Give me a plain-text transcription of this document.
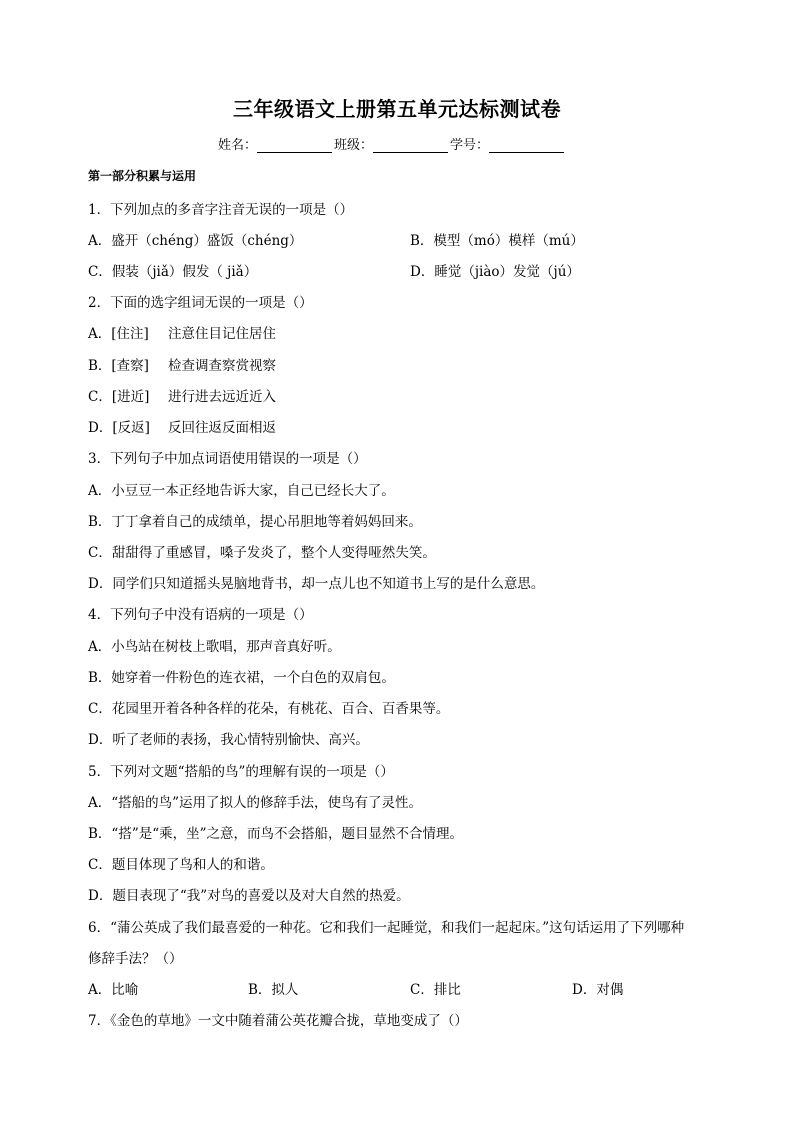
三年级语文上册第五单元达标测试卷
姓名：	班级：	学号：
第一部分积累与运用
1．下列加点的多音字注音无误的一项是（）
A．盛开（chéng）盛饭（chéng）	B．模型（mó）模样（mú）
C．假装（jiǎ）假发（ jiǎ）	D．睡觉（jiào）发觉（jú）
2．下面的选字组词无误的一项是（）
A．[住注] 注意住目记住居住
B．[查察] 检查调查察赏视察
C．[进近] 进行进去远近近入
D．[反返] 反回往返反面相返
3．下列句子中加点词语使用错误的一项是（）
A．小豆豆一本正经地告诉大家，自己已经长大了。
B．丁丁拿着自己的成绩单，提心吊胆地等着妈妈回来。
C．甜甜得了重感冒，嗓子发炎了，整个人变得哑然失笑。
D．同学们只知道摇头晃脑地背书，却一点儿也不知道书上写的是什么意思。
4．下列句子中没有语病的一项是（）
A．小鸟站在树枝上歌唱，那声音真好听。
B．她穿着一件粉色的连衣裙，一个白色的双肩包。
C．花园里开着各种各样的花朵，有桃花、百合、百香果等。
D．听了老师的表扬，我心情特别愉快、高兴。
5．下列对文题“搭船的鸟”的理解有误的一项是（）
A．“搭船的鸟”运用了拟人的修辞手法，使鸟有了灵性。
B．“搭”是“乘，坐”之意，而鸟不会搭船，题目显然不合情理。
C．题目体现了鸟和人的和谐。
D．题目表现了“我”对鸟的喜爱以及对大自然的热爱。
6．“蒲公英成了我们最喜爱的一种花。它和我们一起睡觉，和我们一起起床。”这句话运用了下列哪种
修辞手法？（）
A．比喻	B．拟人	C．排比	D．对偶
7．《金色的草地》一文中随着蒲公英花瓣合拢，草地变成了（）
